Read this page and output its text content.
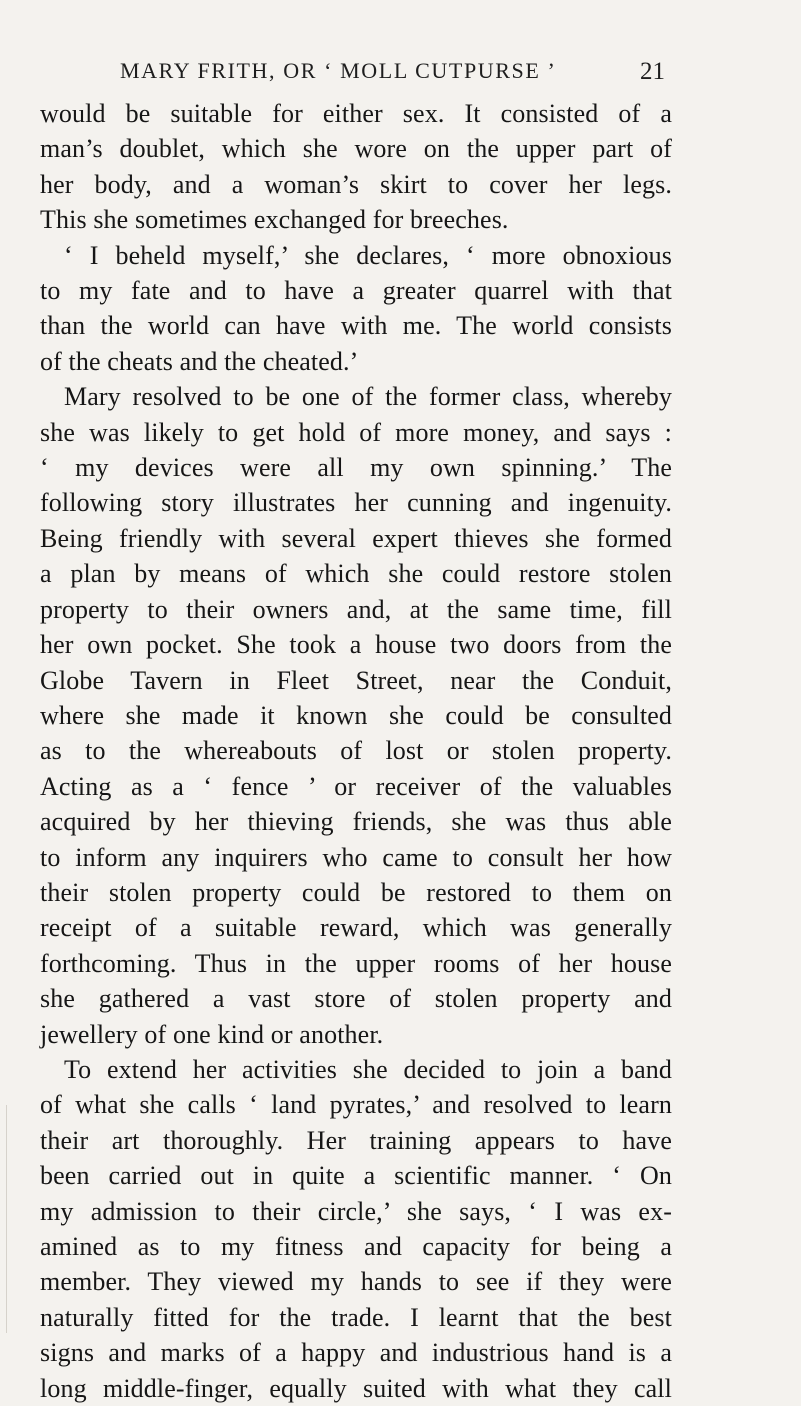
MARY FRITH, OR ‘ MOLL CUTPURSE ’	21
would be suitable for either sex. It consisted of a
man’s doublet, which she wore on the upper part of
her body, and a woman’s skirt to cover her legs.
This she sometimes exchanged for breeches.
‘ I beheld myself,’ she declares, ‘ more obnoxious
to my fate and to have a greater quarrel with that
than the world can have with me. The world consists
of the cheats and the cheated.’
Mary resolved to be one of the former class, whereby
she was likely to get hold of more money, and says :
‘ my devices were all my own spinning.’ The
following story illustrates her cunning and ingenuity.
Being friendly with several expert thieves she formed
a plan by means of which she could restore stolen
property to their owners and, at the same time, fill
her own pocket. She took a house two doors from the
Globe Tavern in Fleet Street, near the Conduit,
where she made it known she could be consulted
as to the whereabouts of lost or stolen property.
Acting as a ‘ fence ’ or receiver of the valuables
acquired by her thieving friends, she was thus able
to inform any inquirers who came to consult her how
their stolen property could be restored to them on
receipt of a suitable reward, which was generally
forthcoming. Thus in the upper rooms of her house
she gathered a vast store of stolen property and
jewellery of one kind or another.
To extend her activities she decided to join a band
of what she calls ‘ land pyrates,’ and resolved to learn
their art thoroughly. Her training appears to have
been carried out in quite a scientific manner. ‘ On
my admission to their circle,’ she says, ‘ I was ex-
amined as to my fitness and capacity for being a
member. They viewed my hands to see if they were
naturally fitted for the trade. I learnt that the best
signs and marks of a happy and industrious hand is a
long middle-finger, equally suited with what they call
